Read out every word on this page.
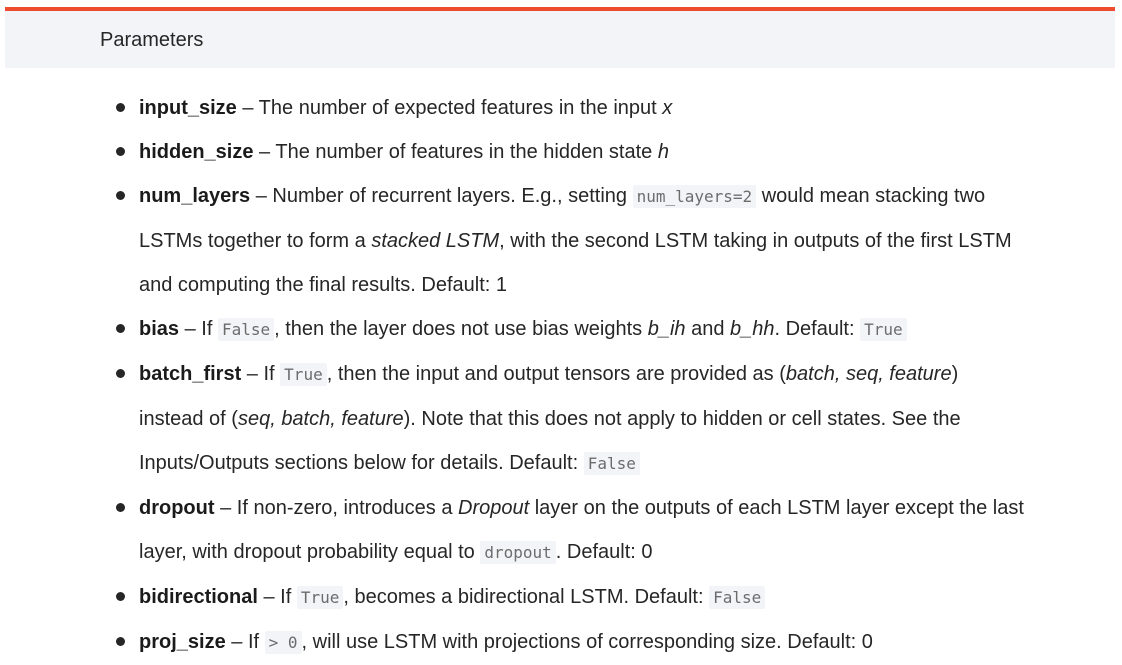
Parameters
input_size – The number of expected features in the input x
hidden_size – The number of features in the hidden state h
num_layers – Number of recurrent layers. E.g., setting num_layers=2 would mean stacking two
LSTMs together to form a stacked LSTM, with the second LSTM taking in outputs of the first LSTM
and computing the final results. Default: 1
bias – If False , then the layer does not use bias weights b_ih and b_hh. Default: True
batch_first – If True , then the input and output tensors are provided as (batch, seq, feature)
instead of (seq, batch, feature). Note that this does not apply to hidden or cell states. See the
Inputs/Outputs sections below for details. Default: False
dropout – If non-zero, introduces a Dropout layer on the outputs of each LSTM layer except the last
layer, with dropout probability equal to dropout . Default: 0
bidirectional – If True , becomes a bidirectional LSTM. Default: False
proj_size – If > 0 , will use LSTM with projections of corresponding size. Default: 0
